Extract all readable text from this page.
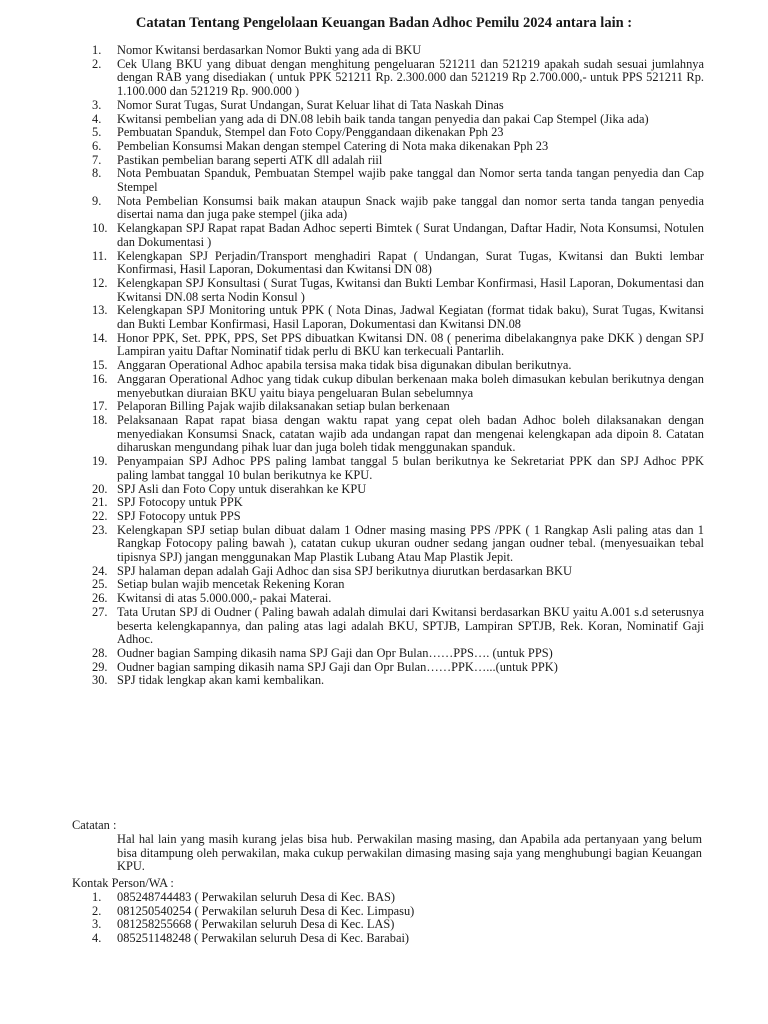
Catatan Tentang Pengelolaan Keuangan Badan Adhoc Pemilu 2024 antara lain :
1. Nomor Kwitansi berdasarkan Nomor Bukti yang ada di BKU
2. Cek Ulang BKU yang dibuat dengan menghitung pengeluaran 521211 dan 521219 apakah sudah sesuai jumlahnya dengan RAB yang disediakan ( untuk PPK 521211 Rp. 2.300.000 dan 521219 Rp 2.700.000,- untuk PPS 521211 Rp. 1.100.000 dan 521219 Rp. 900.000 )
3. Nomor Surat Tugas, Surat Undangan, Surat Keluar lihat di Tata Naskah Dinas
4. Kwitansi pembelian yang ada di DN.08 lebih baik tanda tangan penyedia dan pakai Cap Stempel (Jika ada)
5. Pembuatan Spanduk, Stempel dan Foto Copy/Penggandaan dikenakan Pph 23
6. Pembelian Konsumsi Makan dengan stempel Catering di Nota maka dikenakan Pph 23
7. Pastikan pembelian barang seperti ATK dll adalah riil
8. Nota Pembuatan Spanduk, Pembuatan Stempel wajib pake tanggal dan Nomor serta tanda tangan penyedia dan Cap Stempel
9. Nota Pembelian Konsumsi baik makan ataupun Snack wajib pake tanggal dan nomor serta tanda tangan penyedia disertai nama dan juga pake stempel (jika ada)
10. Kelangkapan SPJ Rapat rapat Badan Adhoc seperti Bimtek ( Surat Undangan, Daftar Hadir, Nota Konsumsi, Notulen dan Dokumentasi )
11. Kelengkapan SPJ Perjadin/Transport menghadiri Rapat ( Undangan, Surat Tugas, Kwitansi dan Bukti lembar Konfirmasi, Hasil Laporan, Dokumentasi dan Kwitansi DN 08)
12. Kelengkapan SPJ Konsultasi ( Surat Tugas, Kwitansi dan Bukti Lembar Konfirmasi, Hasil Laporan, Dokumentasi dan Kwitansi DN.08 serta Nodin Konsul )
13. Kelengkapan SPJ Monitoring untuk PPK ( Nota Dinas, Jadwal Kegiatan (format tidak baku), Surat Tugas, Kwitansi dan Bukti Lembar Konfirmasi, Hasil Laporan, Dokumentasi dan Kwitansi DN.08
14. Honor PPK, Set. PPK, PPS, Set PPS dibuatkan Kwitansi DN. 08 ( penerima dibelakangnya pake DKK ) dengan SPJ Lampiran yaitu Daftar Nominatif tidak perlu di BKU kan terkecuali Pantarlih.
15. Anggaran Operational Adhoc apabila tersisa maka tidak bisa digunakan dibulan berikutnya.
16. Anggaran Operational Adhoc yang tidak cukup dibulan berkenaan maka boleh dimasukan kebulan berikutnya dengan menyebutkan diuraian BKU yaitu biaya pengeluaran Bulan sebelumnya
17. Pelaporan Billing Pajak wajib dilaksanakan setiap bulan berkenaan
18. Pelaksanaan Rapat rapat biasa dengan waktu rapat yang cepat oleh badan Adhoc boleh dilaksanakan dengan menyediakan Konsumsi Snack, catatan wajib ada undangan rapat dan mengenai kelengkapan ada dipoin 8. Catatan diharuskan mengundang pihak luar dan juga boleh tidak menggunakan spanduk.
19. Penyampaian SPJ Adhoc PPS paling lambat tanggal 5 bulan berikutnya ke Sekretariat PPK dan SPJ Adhoc PPK paling lambat tanggal 10 bulan berikutnya ke KPU.
20. SPJ Asli dan Foto Copy untuk diserahkan ke KPU
21. SPJ Fotocopy untuk PPK
22. SPJ Fotocopy untuk PPS
23. Kelengkapan SPJ setiap bulan dibuat dalam 1 Odner masing masing PPS /PPK ( 1 Rangkap Asli paling atas dan 1 Rangkap Fotocopy paling bawah ), catatan cukup ukuran oudner sedang jangan oudner tebal. (menyesuaikan tebal tipisnya SPJ) jangan menggunakan Map Plastik Lubang Atau Map Plastik Jepit.
24. SPJ halaman depan adalah Gaji Adhoc dan sisa SPJ berikutnya diurutkan berdasarkan BKU
25. Setiap bulan wajib mencetak Rekening Koran
26. Kwitansi di atas 5.000.000,- pakai Materai.
27. Tata Urutan SPJ di Oudner ( Paling bawah adalah dimulai dari Kwitansi berdasarkan BKU yaitu A.001 s.d seterusnya beserta kelengkapannya, dan paling atas lagi adalah BKU, SPTJB, Lampiran SPTJB, Rek. Koran, Nominatif Gaji Adhoc.
28. Oudner bagian Samping dikasih nama SPJ Gaji dan Opr Bulan……PPS…. (untuk PPS)
29. Oudner bagian samping dikasih nama SPJ Gaji dan Opr Bulan……PPK…...(untuk PPK)
30. SPJ tidak lengkap akan kami kembalikan.
Catatan :
Hal hal lain yang masih kurang jelas bisa hub. Perwakilan masing masing, dan Apabila ada pertanyaan yang belum bisa ditampung oleh perwakilan, maka cukup perwakilan dimasing masing saja yang menghubungi bagian Keuangan KPU.
Kontak Person/WA :
1. 085248744483 ( Perwakilan seluruh Desa di Kec. BAS)
2. 081250540254 ( Perwakilan seluruh Desa di Kec. Limpasu)
3. 081258255668 ( Perwakilan seluruh Desa di Kec. LAS)
4. 085251148248 ( Perwakilan seluruh Desa di Kec. Barabai)
